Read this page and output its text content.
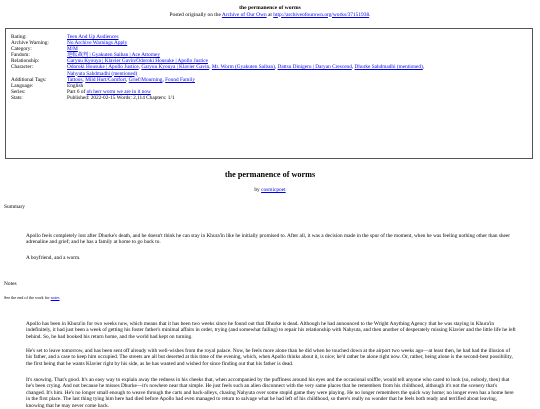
the permanence of worms
Posted originally on the Archive of Our Own at http://archiveofourown.org/works/37151938.
Rating:	Teen And Up Audiences
Archive Warning:	No Archive Warnings Apply
Category:	M/M
Fandom:	逆転裁判 | Gyakuten Saiban | Ace Attorney
Relationship:	Garyuu Kyouya | Klavier Gavin/Odoroki Housuke | Apollo Justice
Character:	Odoroki Housuke | Apollo Justice, Garyuu Kyouya | Klavier Gavin, Mr. Worm (Gyakuten Saiban), Dattsu Dinigeru | Daryan Crescend, Dhurke Sahdmadhi (mentioned),
Nahyuta Sahdmadhi (mentioned)
Additional Tags:	Tattoos, Mild Hurt/Comfort, Grief/Mourning, Found Family
Language:	English
Series:	Part 6 of oh herr worm we are in it now
Stats:	Published: 2022-02-15 Words: 2,114 Chapters: 1/1
the permanence of worms
by cosmicpoet
Summary

Apollo feels completely lost after Dhurke's death, and he doesn't think he can stay in Khura'in like he initially promised to. After all, it was a decision made in the spur of the moment, when he was feeling nothing other than sheer adrenaline and grief; and he has a family at home to go back to.

A boyfriend, and a worm.

Notes
See the end of the work for notes

Apollo has been in Khura'in for two weeks now, which means that it has been two weeks since he found out that Dhurke is dead. Although he had announced to the Wright Anything Agency that he was staying in Khura'in indefinitely, it had just been a week of getting his foster father's minimal affairs in order, trying (and somewhat failing) to repair his relationship with Nahyuta, and then another of desperately missing Klavier and the little life he left behind. So, he had booked his return home, and the world had kept on turning.

He's set to leave tomorrow, and has been sent off already with well-wishes from the royal palace. Now, he feels more alone than he did when he touched down at the airport two weeks ago—at least then, he had had the illusion of his father, and a case to keep him occupied. The streets are all but deserted at this time of the evening, which, when Apollo thinks about it, is nice; he'd rather be alone right now. Or, rather, being alone is the second-best possibility, the first being that he wants Klavier right by his side, as he has wanted and wished for since finding out that his father is dead.

It's snowing. That's good. It's an easy way to explain away the redness in his cheeks that, when accompanied by the puffiness around his eyes and the occasional sniffle, would tell anyone who cared to look (so, nobody, then) that he's been crying. And not because he misses Dhurke—it's nowhere near that simple. He just feels such an alien disconnect with the very same places that he remembers from his childhood, although it's not the scenery that's changed. It's him. He's no longer small enough to weave through the carts and back-alleys, chasing Nahyuta over some stupid game they were playing. He no longer remembers the quick way home; no longer even has a home here in the first place. The last thing tying him here had died before Apollo had even managed to return to salvage what he had left of his childhood, so there's really no wonder that he feels both ready and terrified about leaving, knowing that he may never come back.
